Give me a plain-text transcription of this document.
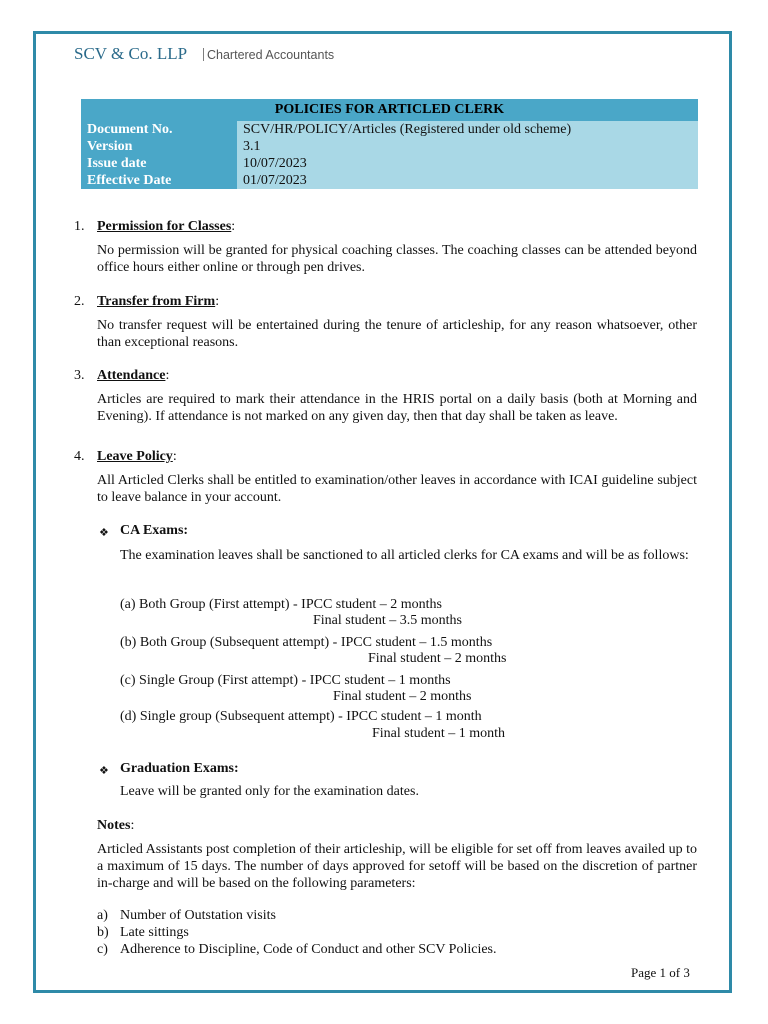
SCV & Co. LLP | Chartered Accountants
POLICIES FOR ARTICLED CLERK	
Document No.	SCV/HR/POLICY/Articles (Registered under old scheme)
Version	3.1
Issue date	10/07/2023
Effective Date	01/07/2023
1. Permission for Classes:

No permission will be granted for physical coaching classes. The coaching classes can be attended beyond office hours either online or through pen drives.

2. Transfer from Firm:

No transfer request will be entertained during the tenure of articleship, for any reason whatsoever, other than exceptional reasons.

3. Attendance:

Articles are required to mark their attendance in the HRIS portal on a daily basis (both at Morning and Evening). If attendance is not marked on any given day, then that day shall be taken as leave.

4. Leave Policy:

All Articled Clerks shall be entitled to examination/other leaves in accordance with ICAI guideline subject to leave balance in your account.

❖ CA Exams:

The examination leaves shall be sanctioned to all articled clerks for CA exams and will be as follows:

(a) Both Group (First attempt) - IPCC student – 2 months
Final student – 3.5 months
(b) Both Group (Subsequent attempt) - IPCC student – 1.5 months
Final student – 2 months
(c) Single Group (First attempt) - IPCC student – 1 months
Final student – 2 months
(d) Single group (Subsequent attempt) - IPCC student – 1 month
Final student – 1 month
❖ Graduation Exams:
Leave will be granted only for the examination dates.
Notes:

Articled Assistants post completion of their articleship, will be eligible for set off from leaves availed up to a maximum of 15 days. The number of days approved for setoff will be based on the discretion of partner in-charge and will be based on the following parameters:

a) Number of Outstation visits
b) Late sittings
c) Adherence to Discipline, Code of Conduct and other SCV Policies.
Page 1 of 3
